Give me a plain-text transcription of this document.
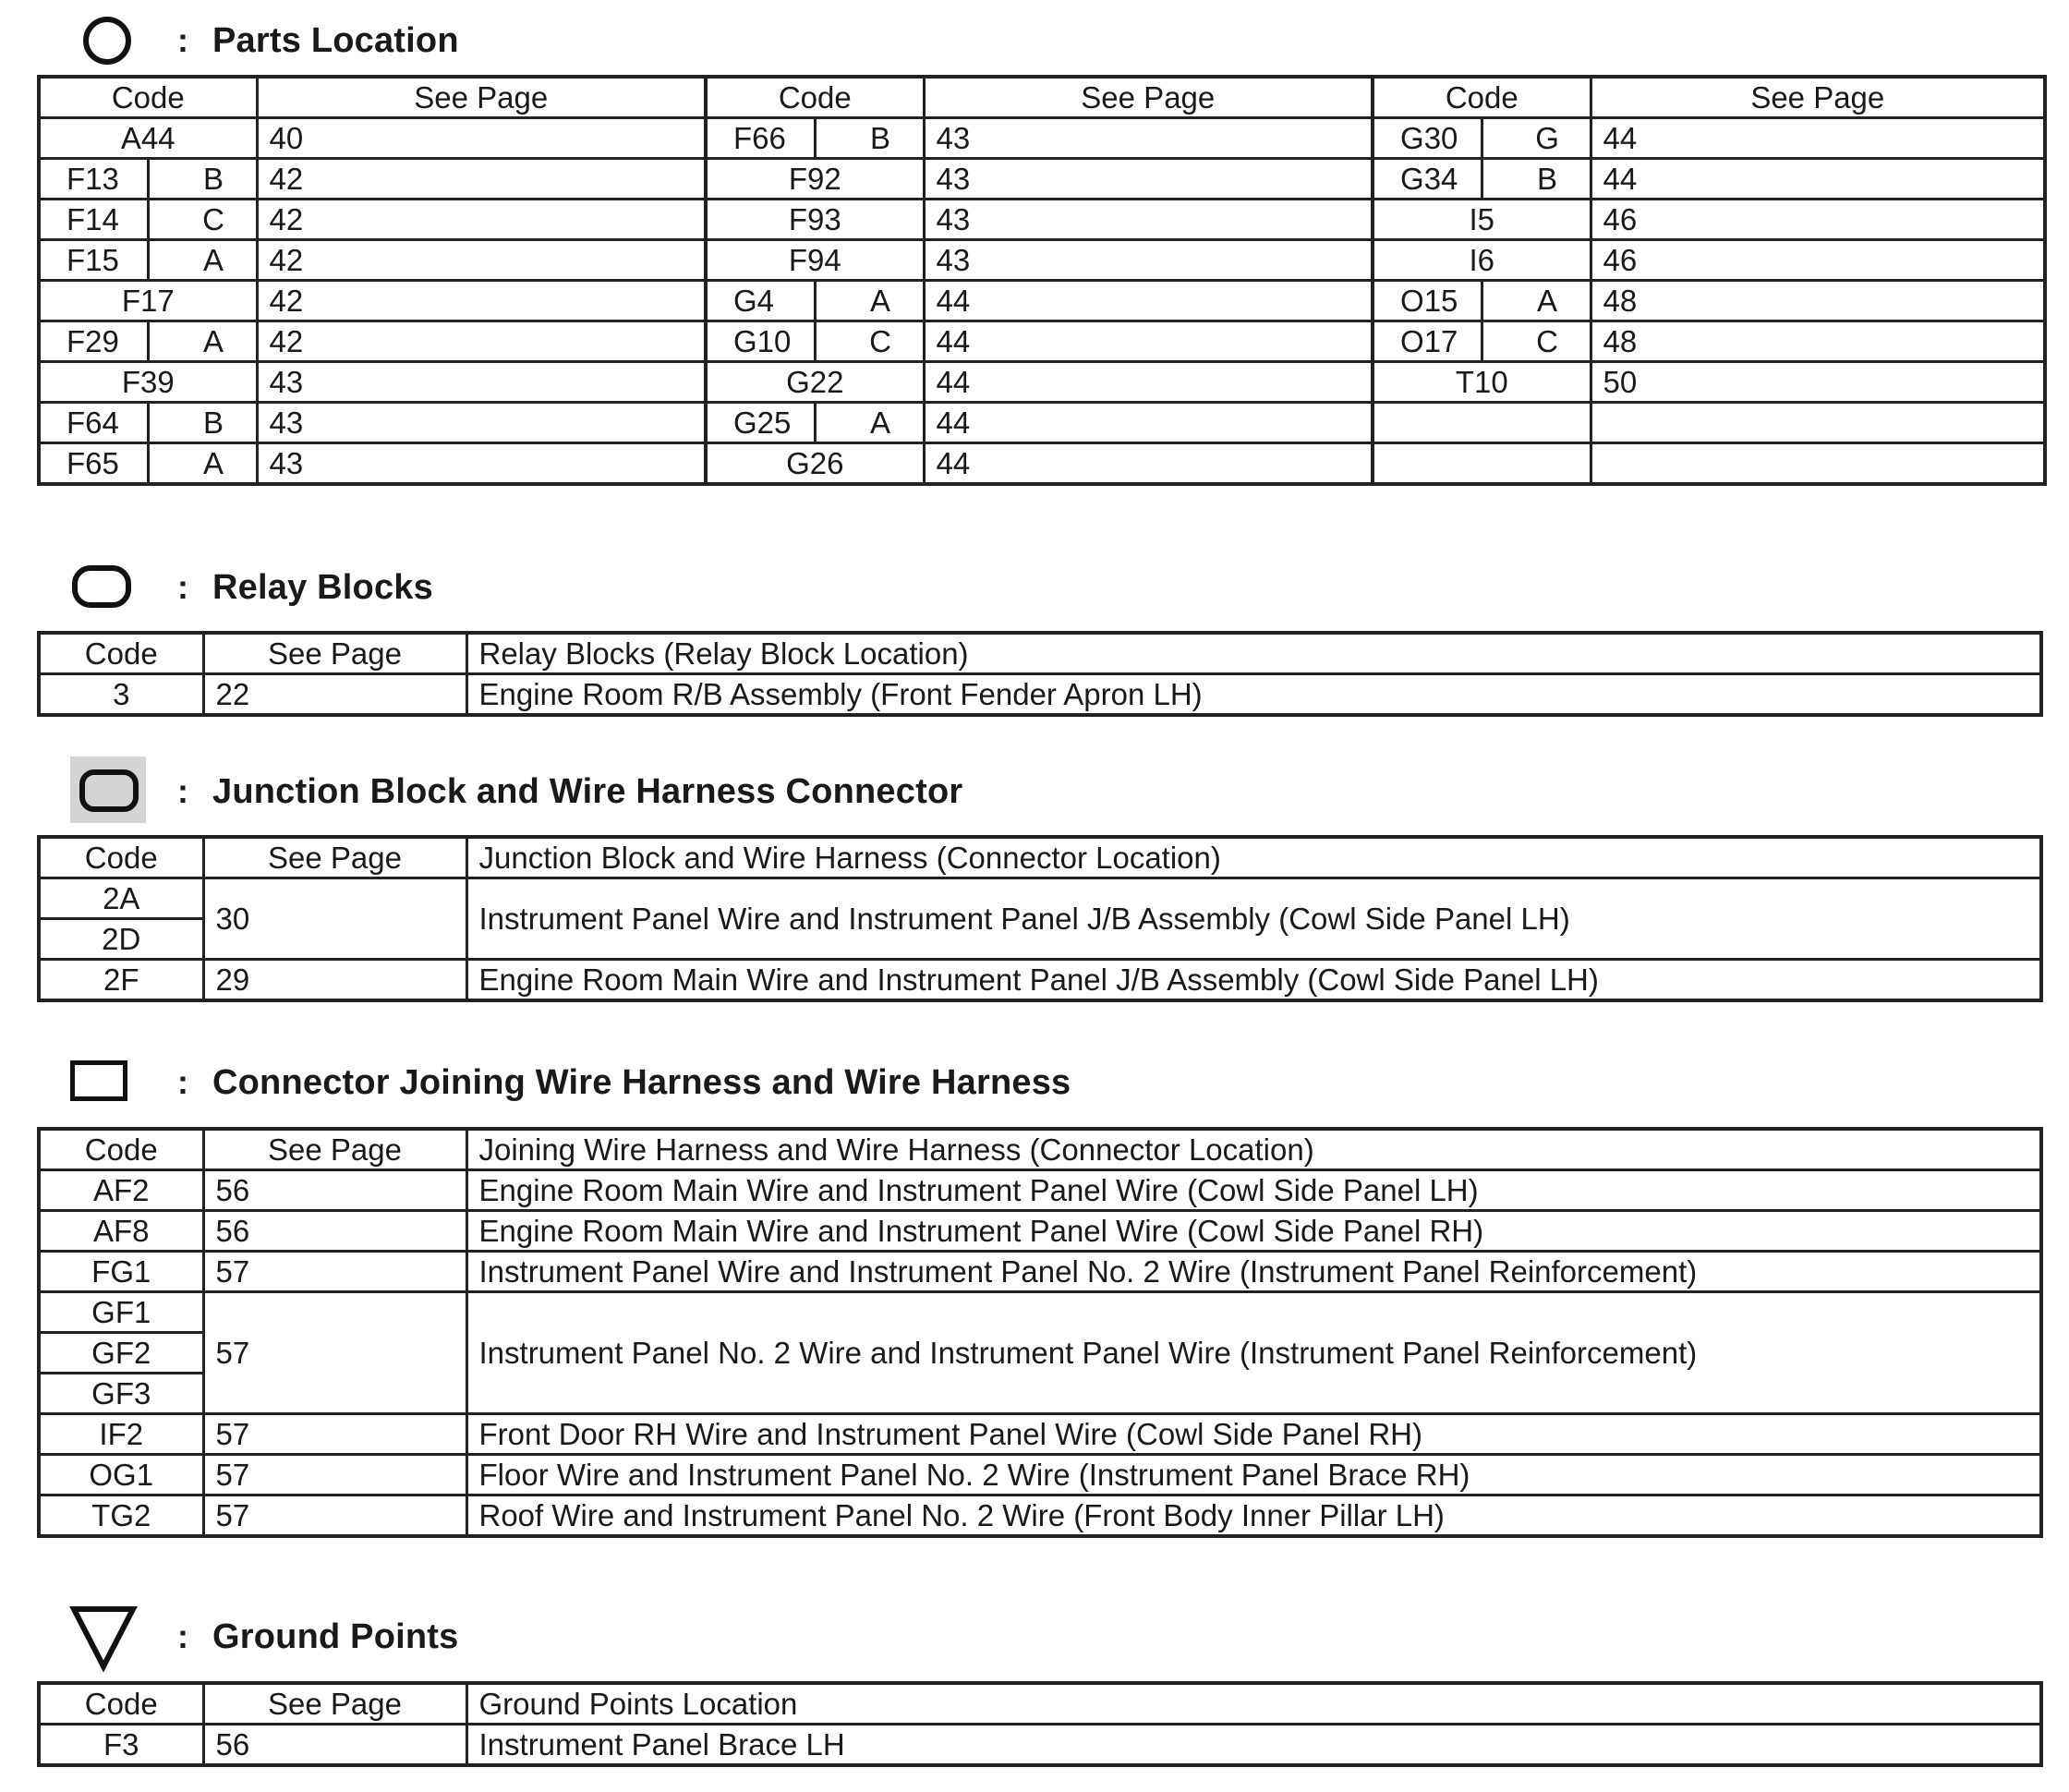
: Parts Location
Code		See Page	Code		See Page	Code		See Page
A44		40	F66	B	43	G30	G	44
F13	B	42	F92		43	G34	B	44
F14	C	42	F93		43	I5		46
F15	A	42	F94		43	I6		46
F17		42	G4	A	44	O15	A	48
F29	A	42	G10	C	44	O17	C	48
F39		43	G22		44	T10		50
F64	B	43	G25	A	44			
F65	A	43	G26		44			
: Relay Blocks
Code	See Page	Relay Blocks (Relay Block Location)
3	22	Engine Room R/B Assembly (Front Fender Apron LH)
: Junction Block and Wire Harness Connector
Code	See Page	Junction Block and Wire Harness (Connector Location)
2A	30	Instrument Panel Wire and Instrument Panel J/B Assembly (Cowl Side Panel LH)
2D		
2F	29	Engine Room Main Wire and Instrument Panel J/B Assembly (Cowl Side Panel LH)
: Connector Joining Wire Harness and Wire Harness
Code	See Page	Joining Wire Harness and Wire Harness (Connector Location)
AF2	56	Engine Room Main Wire and Instrument Panel Wire (Cowl Side Panel LH)
AF8	56	Engine Room Main Wire and Instrument Panel Wire (Cowl Side Panel RH)
FG1	57	Instrument Panel Wire and Instrument Panel No. 2 Wire (Instrument Panel Reinforcement)
GF1	57	Instrument Panel No. 2 Wire and Instrument Panel Wire (Instrument Panel Reinforcement)
GF2		
GF3		
IF2	57	Front Door RH Wire and Instrument Panel Wire (Cowl Side Panel RH)
OG1	57	Floor Wire and Instrument Panel No. 2 Wire (Instrument Panel Brace RH)
TG2	57	Roof Wire and Instrument Panel No. 2 Wire (Front Body Inner Pillar LH)
: Ground Points
Code	See Page	Ground Points Location
F3	56	Instrument Panel Brace LH
